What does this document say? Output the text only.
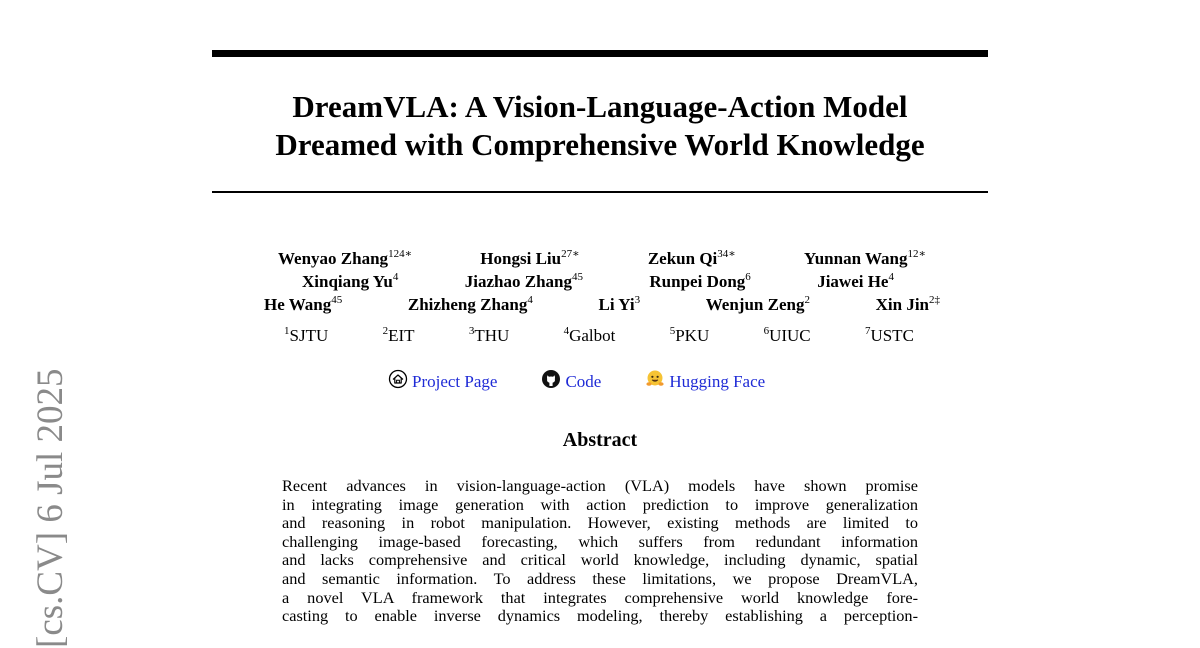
DreamVLA: A Vision-Language-Action Model
Dreamed with Comprehensive World Knowledge
Wenyao Zhang$^{124∗}$	Hongsi Liu$^{27∗}$	Zekun $Qi^{34∗}$	Yunnan Wang$^{12∗}$
Xinqiang Yu$^4$	Jiazhao Zhang$^{45}$	Runpei Dong$^6$	Jiawei He$^4$
He Wang$^{45}$	Zhizheng Zhang$^4$	Li Yi$^3$	Wenjun Zeng$^2$	Xin Jin$^{2\ddagger}$
$^1$SJTU	$^2$EIT	$^3$THU	$^4$Galbot	$^5$PKU	$^6$UIUC	$^7$USTC
Project Page	Code	Hugging Face
Abstract
Recent advances in vision-language-action (VLA) models have shown promise
in integrating image generation with action prediction to improve generalization
and reasoning in robot manipulation. However, existing methods are limited to
challenging image-based forecasting, which suffers from redundant information
and lacks comprehensive and critical world knowledge, including dynamic, spatial
and semantic information. To address these limitations, we propose DreamVLA,
a novel VLA framework that integrates comprehensive world knowledge fore-
casting to enable inverse dynamics modeling, thereby establishing a perception-
[cs.CV] 6 Jul 2025
